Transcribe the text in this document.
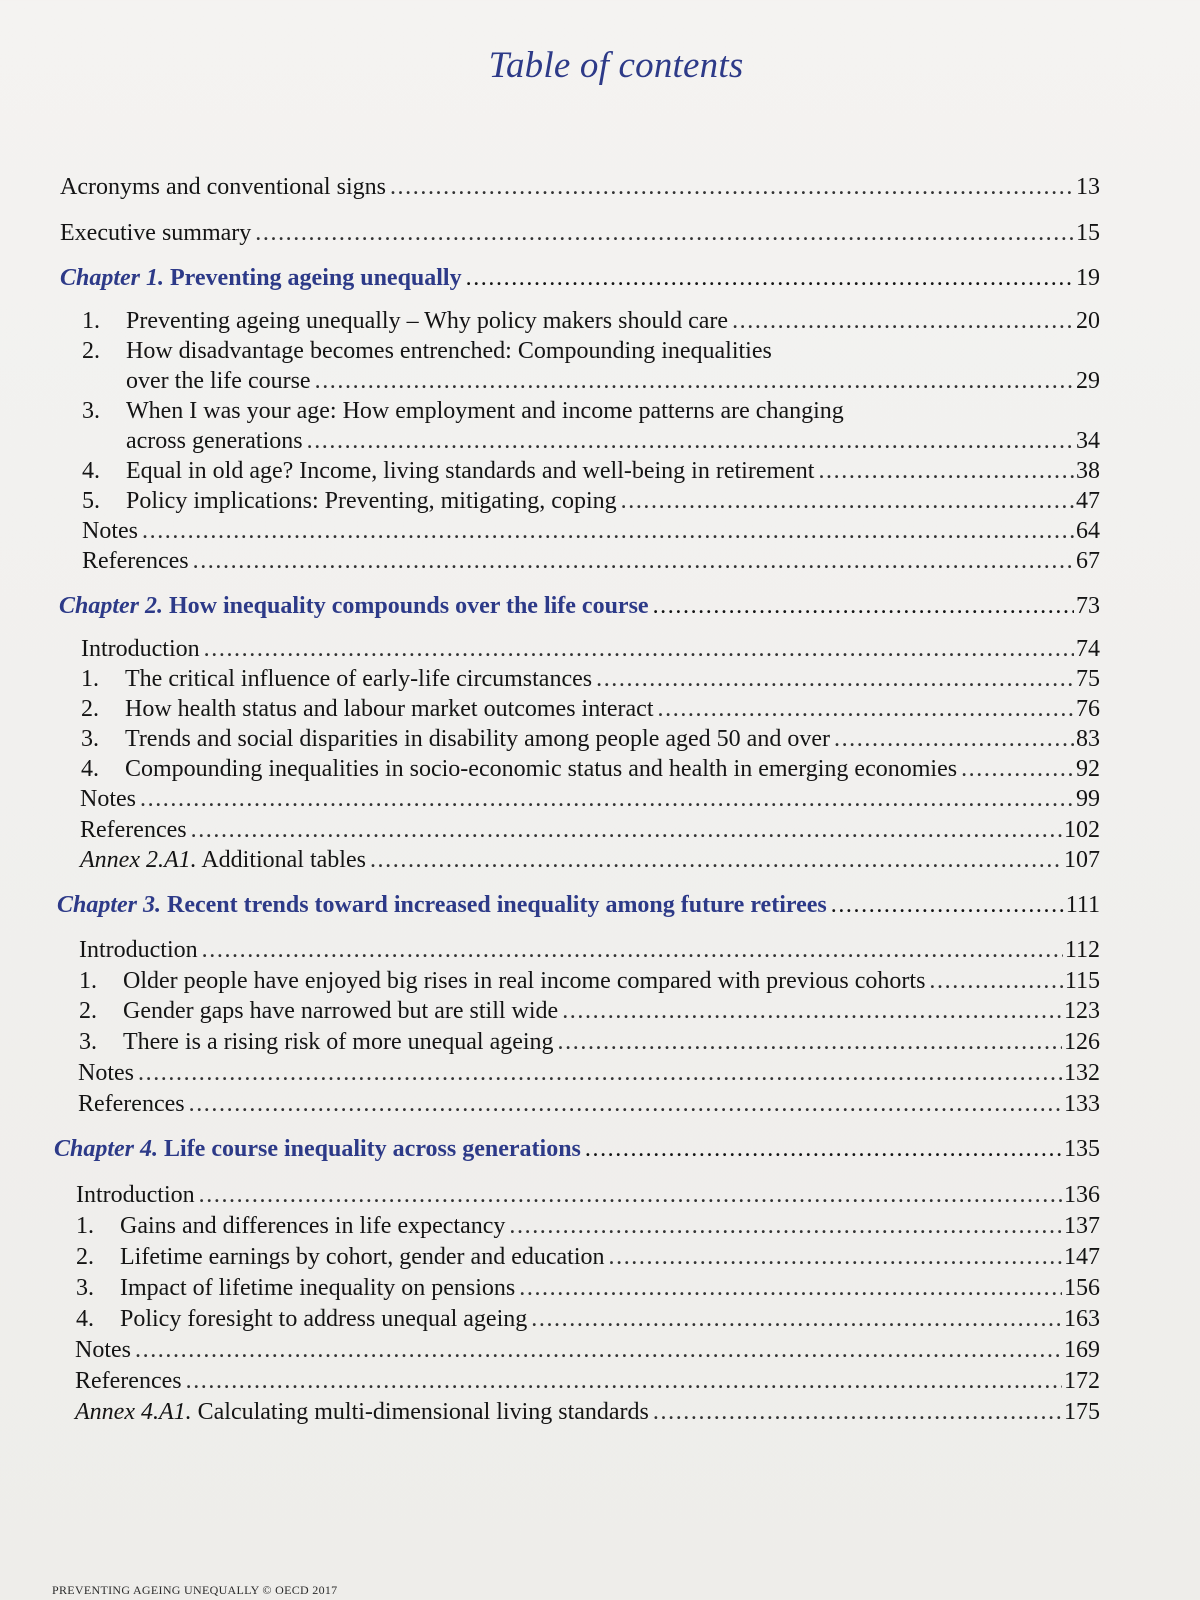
Table of contents
Acronyms and conventional signs .....	13
Executive summary .....	15
Chapter 1. Preventing ageing unequally .....	19
1.	Preventing ageing unequally – Why policy makers should care .....	20
2. How disadvantage becomes entrenched: Compounding inequalities
over the life course .....	29
3. When I was your age: How employment and income patterns are changing
across generations .....	34
4.	Equal in old age? Income, living standards and well-being in retirement .....	38
5.	Policy implications: Preventing, mitigating, coping .....	47
Notes .....	64
References .....	67
Chapter 2. How inequality compounds over the life course .....	73
Introduction .....	74
1.	The critical influence of early-life circumstances .....	75
2.	How health status and labour market outcomes interact .....	76
3.	Trends and social disparities in disability among people aged 50 and over .....	83
4.	Compounding inequalities in socio-economic status and health in emerging economies .....	92
Notes .....	99
References .....	102
Annex 2.A1. Additional tables .....	107
Chapter 3. Recent trends toward increased inequality among future retirees .....	111
Introduction .....	112
1.	Older people have enjoyed big rises in real income compared with previous cohorts .....	115
2.	Gender gaps have narrowed but are still wide .....	123
3.	There is a rising risk of more unequal ageing .....	126
Notes .....	132
References .....	133
Chapter 4. Life course inequality across generations .....	135
Introduction .....	136
1.	Gains and differences in life expectancy .....	137
2.	Lifetime earnings by cohort, gender and education .....	147
3.	Impact of lifetime inequality on pensions .....	156
4.	Policy foresight to address unequal ageing .....	163
Notes .....	169
References .....	172
Annex 4.A1. Calculating multi-dimensional living standards .....	175
PREVENTING AGEING UNEQUALLY © OECD 2017
